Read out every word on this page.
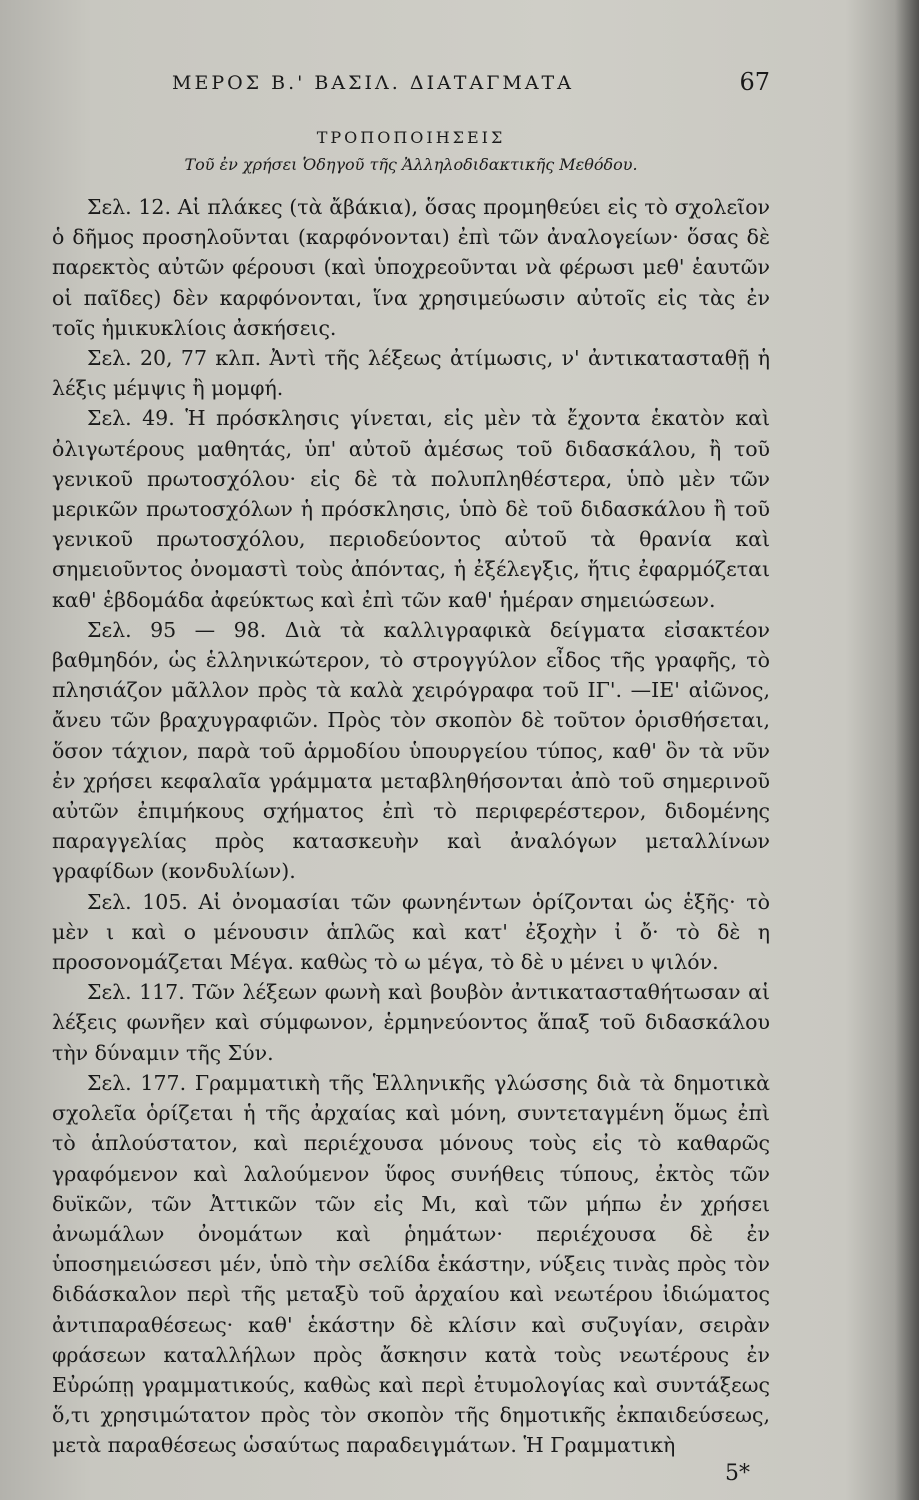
ΜΕΡΟΣ Β.' ΒΑΣΙΛ. ΔΙΑΤΑΓΜΑΤΑ	67
ΤΡΟΠΟΠΟΙΗΣΕΙΣ
Τοῦ ἐν χρήσει Ὁδηγοῦ τῆς Ἀλληλοδιδακτικῆς Μεθόδου.

Σελ. 12. Αἱ πλάκες (τὰ ἄβάκια), ὅσας προμηθεύει εἰς τὸ σχολεῖον ὁ δῆμος προσηλοῦνται (καρφόνονται) ἐπὶ τῶν ἀναλογείων· ὅσας δὲ παρεκτὸς αὐτῶν φέρουσι (καὶ ὑποχρεοῦνται νὰ φέρωσι μεθ' ἑαυτῶν οἱ παῖδες) δὲν καρφόνονται, ἵνα χρησιμεύωσιν αὐτοῖς εἰς τὰς ἐν τοῖς ἡμικυκλίοις ἀσκήσεις.

Σελ. 20, 77 κλπ. Ἀντὶ τῆς λέξεως ἀτίμωσις, ν' ἀντικατασταθῇ ἡ λέξις μέμψις ἢ μομφή.

Σελ. 49. Ἡ πρόσκλησις γίνεται, εἰς μὲν τὰ ἔχοντα ἑκατὸν καὶ ὀλιγωτέρους μαθητάς, ὑπ' αὐτοῦ ἀμέσως τοῦ διδασκάλου, ἢ τοῦ γενικοῦ πρωτοσχόλου· εἰς δὲ τὰ πολυπληθέστερα, ὑπὸ μὲν τῶν μερικῶν πρωτοσχόλων ἡ πρόσκλησις, ὑπὸ δὲ τοῦ διδασκάλου ἢ τοῦ γενικοῦ πρωτοσχόλου, περιοδεύοντος αὐτοῦ τὰ θρανία καὶ σημειοῦντος ὀνομαστὶ τοὺς ἀπόντας, ἡ ἐξέλεγξις, ἥτις ἐφαρμόζεται καθ' ἑβδομάδα ἀφεύκτως καὶ ἐπὶ τῶν καθ' ἡμέραν σημειώσεων.

Σελ. 95 — 98. Διὰ τὰ καλλιγραφικὰ δείγματα εἰσακτέον βαθμηδόν, ὡς ἑλληνικώτερον, τὸ στρογγύλον εἶδος τῆς γραφῆς, τὸ πλησιάζον μᾶλλον πρὸς τὰ καλὰ χειρόγραφα τοῦ ΙΓ'. —ΙΕ' αἰῶνος, ἄνευ τῶν βραχυγραφιῶν. Πρὸς τὸν σκοπὸν δὲ τοῦτον ὁρισθήσεται, ὅσον τάχιον, παρὰ τοῦ ἁρμοδίου ὑπουργείου τύπος, καθ' ὃν τὰ νῦν ἐν χρήσει κεφαλαῖα γράμματα μεταβληθήσονται ἀπὸ τοῦ σημερινοῦ αὐτῶν ἐπιμήκους σχήματος ἐπὶ τὸ περιφερέστερον, διδομένης παραγγελίας πρὸς κατασκευὴν καὶ ἀναλόγων μεταλλίνων γραφίδων (κονδυλίων).

Σελ. 105. Αἱ ὀνομασίαι τῶν φωνηέντων ὁρίζονται ὡς ἑξῆς· τὸ μὲν ι καὶ ο μένουσιν ἁπλῶς καὶ κατ' ἐξοχὴν ἰ ὄ· τὸ δὲ η προσονομάζεται Μέγα. καθὼς τὸ ω μέγα, τὸ δὲ υ μένει υ ψιλόν.

Σελ. 117. Τῶν λέξεων φωνὴ καὶ βουβὸν ἀντικατασταθήτωσαν αἱ λέξεις φωνῆεν καὶ σύμφωνον, ἑρμηνεύοντος ἅπαξ τοῦ διδασκάλου τὴν δύναμιν τῆς Σύν.

Σελ. 177. Γραμματικὴ τῆς Ἑλληνικῆς γλώσσης διὰ τὰ δημοτικὰ σχολεῖα ὁρίζεται ἡ τῆς ἀρχαίας καὶ μόνη, συντεταγμένη ὅμως ἐπὶ τὸ ἁπλούστατον, καὶ περιέχουσα μόνους τοὺς εἰς τὸ καθαρῶς γραφόμενον καὶ λαλούμενον ὕφος συνήθεις τύπους, ἐκτὸς τῶν δυϊκῶν, τῶν Ἀττικῶν τῶν εἰς Μι, καὶ τῶν μήπω ἐν χρήσει ἀνωμάλων ὀνομάτων καὶ ῥημάτων· περιέχουσα δὲ ἐν ὑποσημειώσεσι μέν, ὑπὸ τὴν σελίδα ἑκάστην, νύξεις τινὰς πρὸς τὸν διδάσκαλον περὶ τῆς μεταξὺ τοῦ ἀρχαίου καὶ νεωτέρου ἰδιώματος ἀντιπαραθέσεως· καθ' ἑκάστην δὲ κλίσιν καὶ συζυγίαν, σειρὰν φράσεων καταλλήλων πρὸς ἄσκησιν κατὰ τοὺς νεωτέρους ἐν Εὐρώπῃ γραμματικούς, καθὼς καὶ περὶ ἐτυμολογίας καὶ συντάξεως ὅ,τι χρησιμώτατον πρὸς τὸν σκοπὸν τῆς δημοτικῆς ἐκπαιδεύσεως, μετὰ παραθέσεως ὡσαύτως παραδειγμάτων. Ἡ Γραμματικὴ

5*
